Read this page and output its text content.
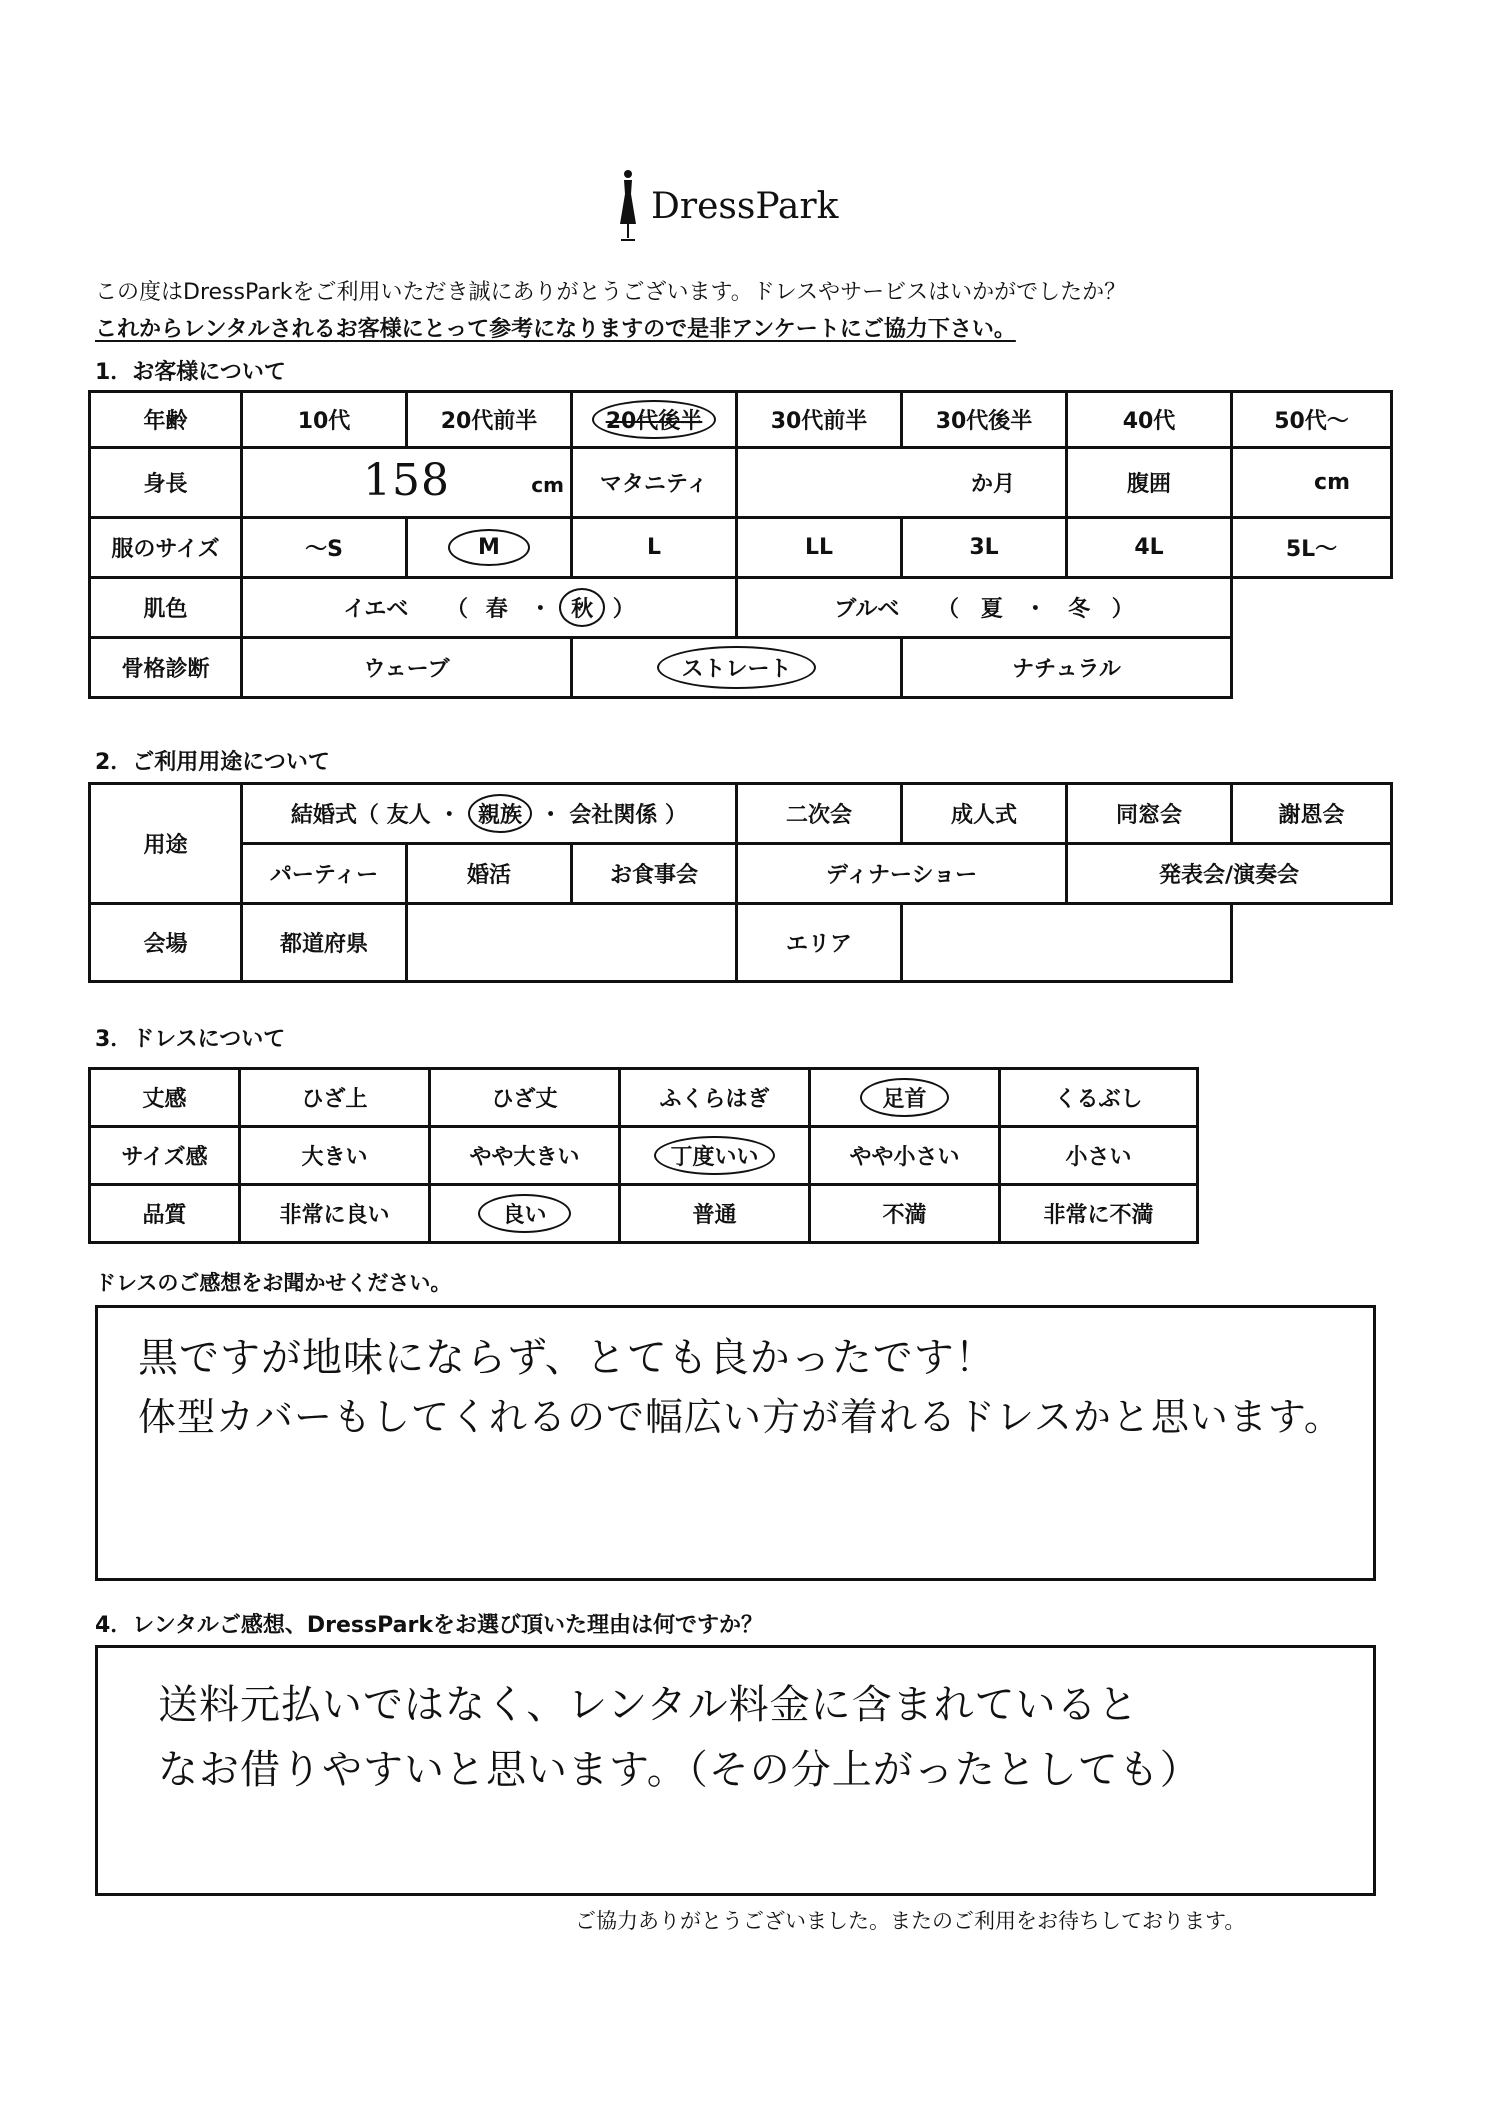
DressPark
この度はDressParkをご利用いただき誠にありがとうございます。ドレスやサービスはいかがでしたか？
これからレンタルされるお客様にとって参考になりますので是非アンケートにご協力下さい。
1．お客様について
年齢	10代	20代前半	20代後半	30代前半	30代後半	40代	50代～
身長	158 cm		マタニティ	か月		腹囲	cm
服のサイズ	～S	M	L	LL	3L	4L	5L～
肌色	イエベ （ 春 ・ 秋 ）			ブルベ （ 夏 ・ 冬 ）			
骨格診断	ウェーブ		ストレート		ナチュラル		
2．ご利用用途について
用途	結婚式（ 友人 ・ 親族 ・ 会社関係 ）			二次会	成人式	同窓会	謝恩会
	パーティー	婚活	お食事会	ディナーショー		発表会/演奏会	
会場	都道府県			エリア			
3．ドレスについて
丈感	ひざ上	ひざ丈	ふくらはぎ	足首	くるぶし
サイズ感	大きい	やや大きい	丁度いい	やや小さい	小さい
品質	非常に良い	良い	普通	不満	非常に不満
ドレスのご感想をお聞かせください。
黒ですが地味にならず、とても良かったです！
体型カバーもしてくれるので幅広い方が着れるドレスかと思います。
4．レンタルご感想、DressParkをお選び頂いた理由は何ですか？
送料元払いではなく、レンタル料金に含まれていると
なお借りやすいと思います。（その分上がったとしても）
ご協力ありがとうございました。またのご利用をお待ちしております。
